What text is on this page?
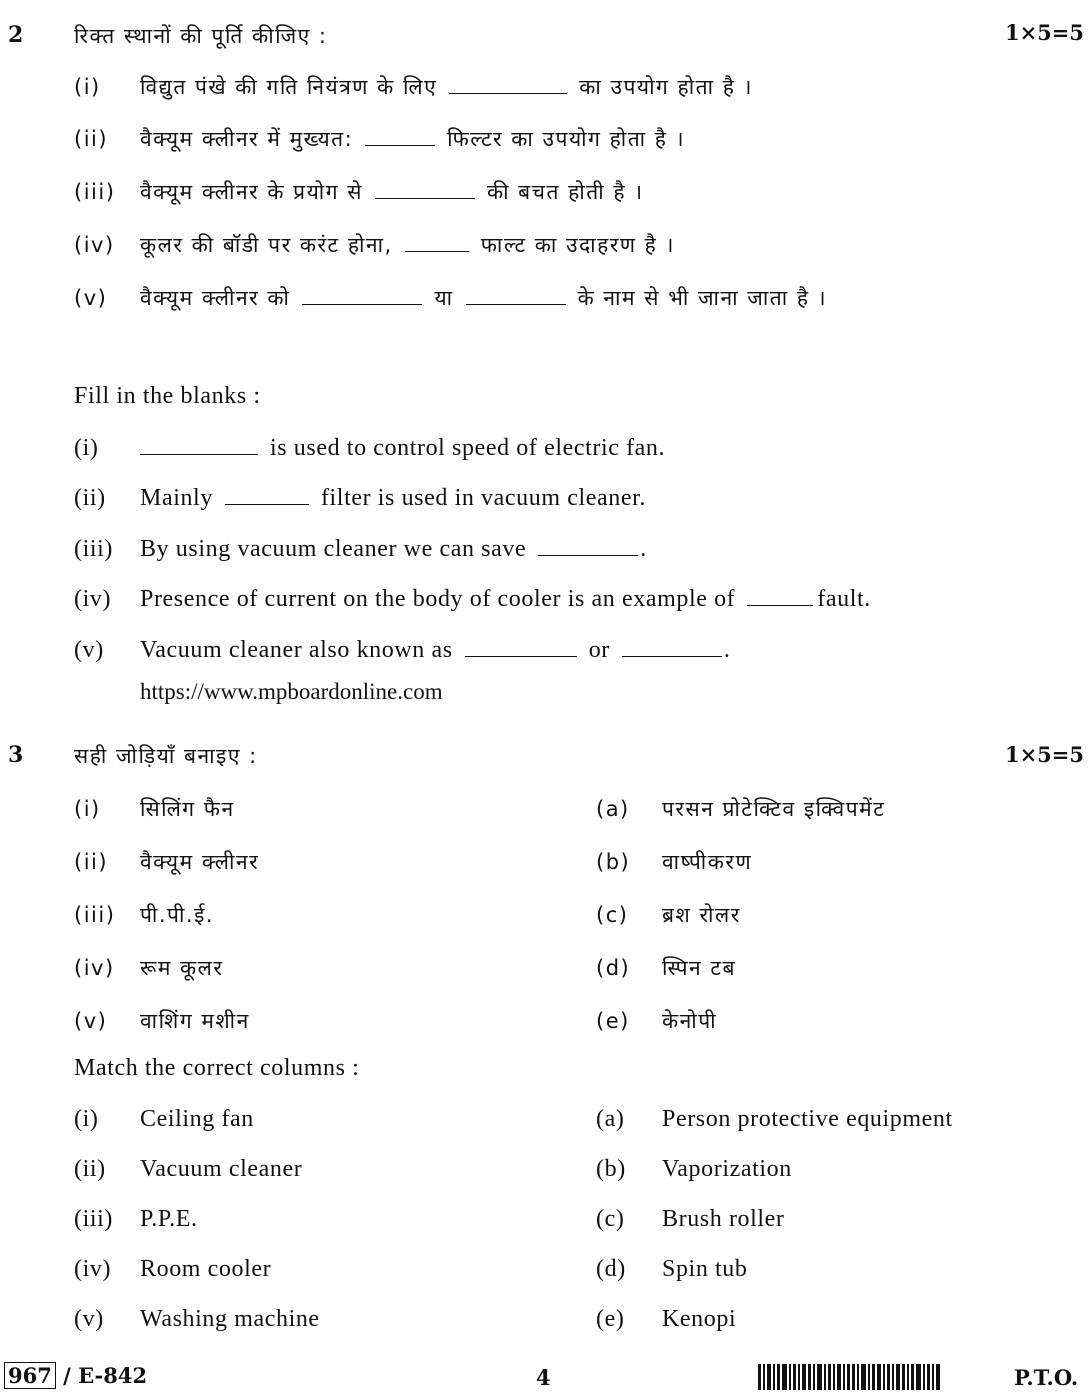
2 रिक्त स्थानों की पूर्ति कीजिए :	1×5=5
(i) विद्युत पंखे की गति नियंत्रण के लिए	का उपयोग होता है ।
(ii) वैक्यूम क्लीनर में मुख्यत:	फिल्टर का उपयोग होता है ।
(iii) वैक्यूम क्लीनर के प्रयोग से	की बचत होती है ।
(iv) कूलर की बॉडी पर करंट होना,	फाल्ट का उदाहरण है ।
(v) वैक्यूम क्लीनर को	या	के नाम से भी जाना जाता है ।
Fill in the blanks :
(i)	is used to control speed of electric fan.
(ii) Mainly	filter is used in vacuum cleaner.
(iii) By using vacuum cleaner we can save	.
(iv) Presence of current on the body of cooler is an example of	fault.
(v) Vacuum cleaner also known as	or	.
https://www.mpboardonline.com
3 सही जोड़ियाँ बनाइए :	1×5=5
(i) सिलिंग फैन	(a) परसन प्रोटेक्टिव इक्विपमेंट
(ii) वैक्यूम क्लीनर	(b) वाष्पीकरण
(iii) पी.पी.ई.	(c) ब्रश रोलर
(iv) रूम कूलर	(d) स्पिन टब
(v) वाशिंग मशीन	(e) केनोपी
Match the correct columns :
(i) Ceiling fan	(a) Person protective equipment
(ii) Vacuum cleaner	(b) Vaporization
(iii) P.P.E.	(c) Brush roller
(iv) Room cooler	(d) Spin tub
(v) Washing machine	(e) Kenopi
967 / E-842	4	P.T.O.
